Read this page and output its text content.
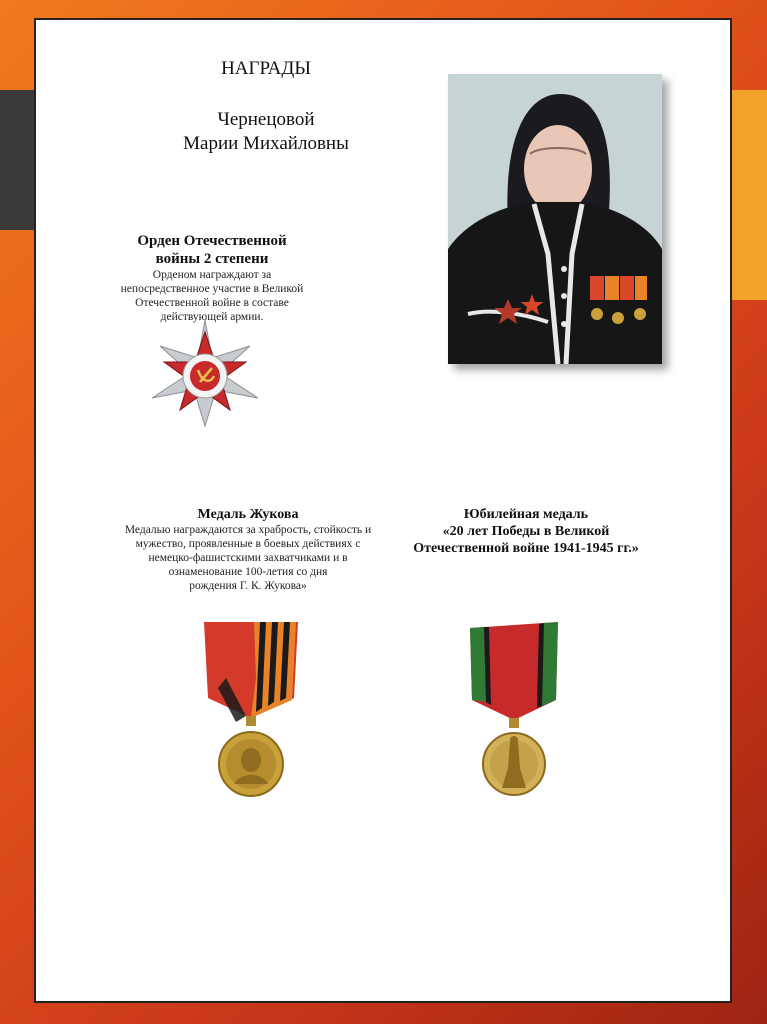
НАГРАДЫ
Чернецовой
Марии Михайловны
Орден Отечественной
войны 2 степени
Орденом награждают за
непосредственное участие в Великой
Отечественной войне в составе
действующей армии.
Медаль Жукова
Медалью награждаются за храбрость, стойкость и
мужество, проявленные в боевых действиях с
немецко-фашистскими захватчиками и в
ознаменование 100-летия со дня
рождения Г. К. Жукова»
Юбилейная медаль
«20 лет Победы в Великой
Отечественной войне 1941-1945 гг.»
